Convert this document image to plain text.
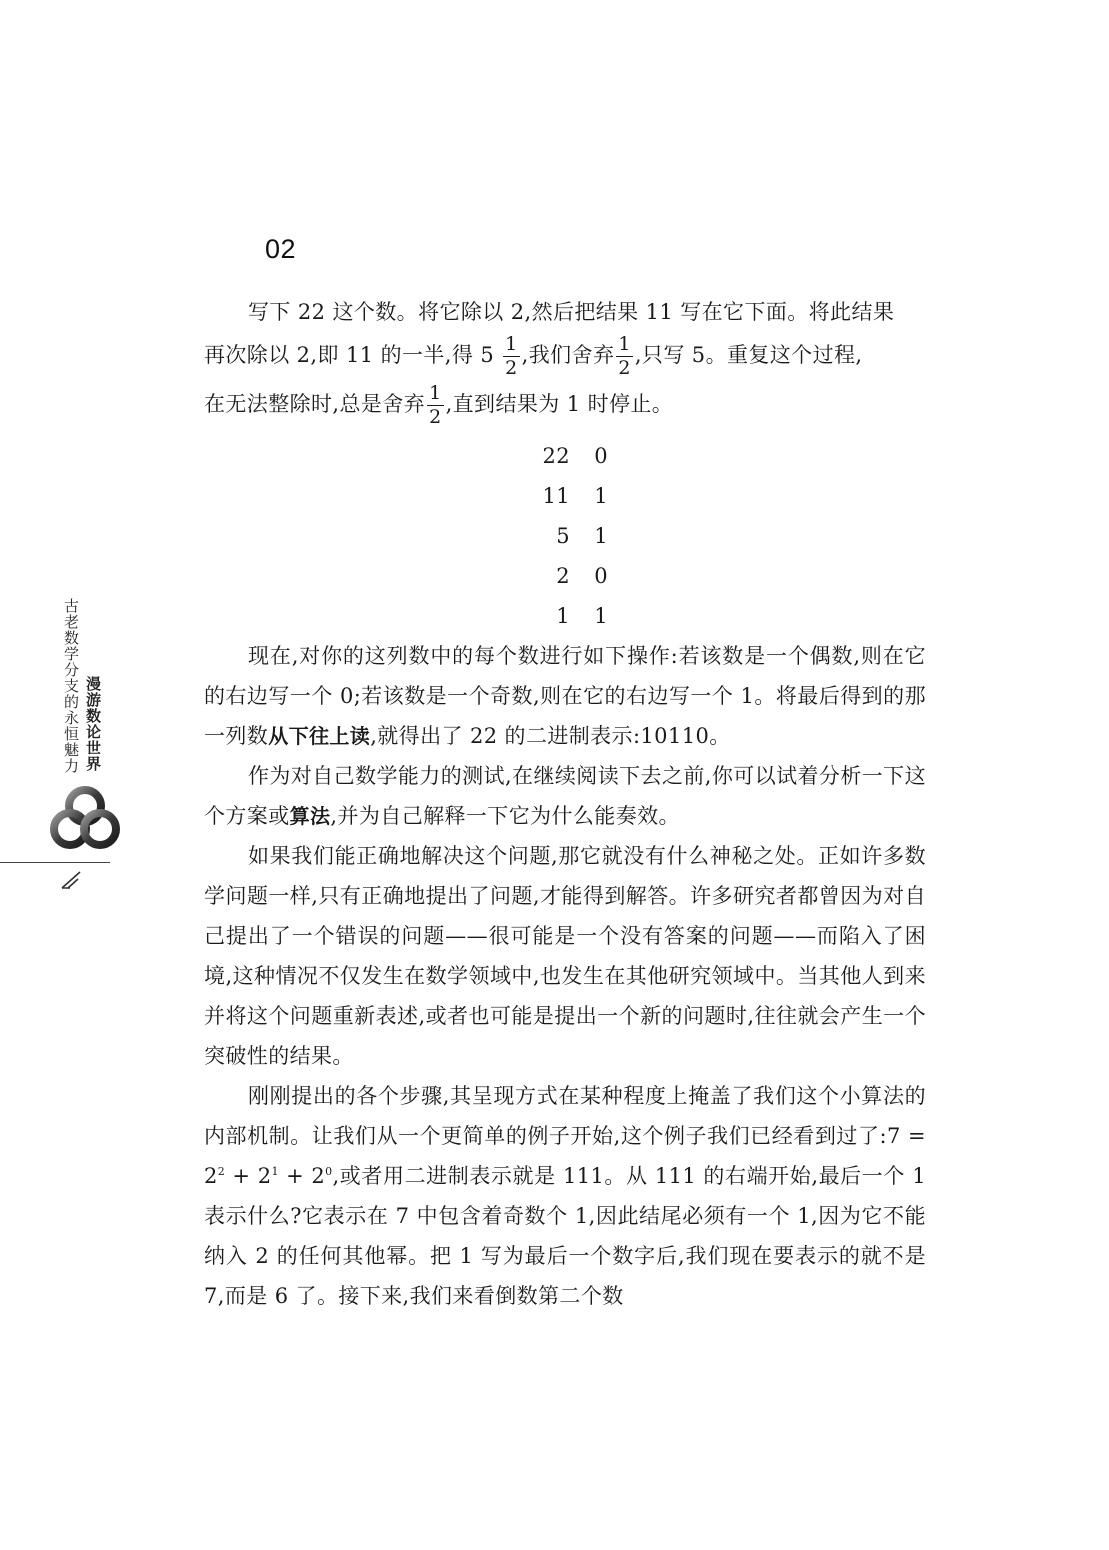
02
古老数学分支的永恒魅力 漫游数论世界

写下 22 这个数。将它除以 2,然后把结果 11 写在它下面。将此结果

再次除以 2,即 11 的一半,得 $5 \frac{1}{2}$ ,我们舍弃 $\frac{1}{2}$ ,只写 5。重复这个过程,

在无法整除时,总是舍弃 $\frac{1}{2}$ ,直到结果为 1 时停止。

22	0
11	1
5	1
2	0
1	1

现在,对你的这列数中的每个数进行如下操作:若该数是一个偶数,则在它的右边写一个 0;若该数是一个奇数,则在它的右边写一个 1。将最后得到的那一列数从下往上读,就得出了 22 的二进制表示:10110。

作为对自己数学能力的测试,在继续阅读下去之前,你可以试着分析一下这个方案或算法,并为自己解释一下它为什么能奏效。

如果我们能正确地解决这个问题,那它就没有什么神秘之处。正如许多数学问题一样,只有正确地提出了问题,才能得到解答。许多研究者都曾因为对自己提出了一个错误的问题——很可能是一个没有答案的问题——而陷入了困境,这种情况不仅发生在数学领域中,也发生在其他研究领域中。当其他人到来并将这个问题重新表述,或者也可能是提出一个新的问题时,往往就会产生一个突破性的结果。

刚刚提出的各个步骤,其呈现方式在某种程度上掩盖了我们这个小算法的内部机制。让我们从一个更简单的例子开始,这个例子我们已经看到过了:7 = $2^2 + 2^1 + 2^0$,或者用二进制表示就是 111。从 111 的右端开始,最后一个 1 表示什么?它表示在 7 中包含着奇数个 1,因此结尾必须有一个 1,因为它不能纳入 2 的任何其他幂。把 1 写为最后一个数字后,我们现在要表示的就不是 7,而是 6 了。接下来,我们来看倒数第二个数
